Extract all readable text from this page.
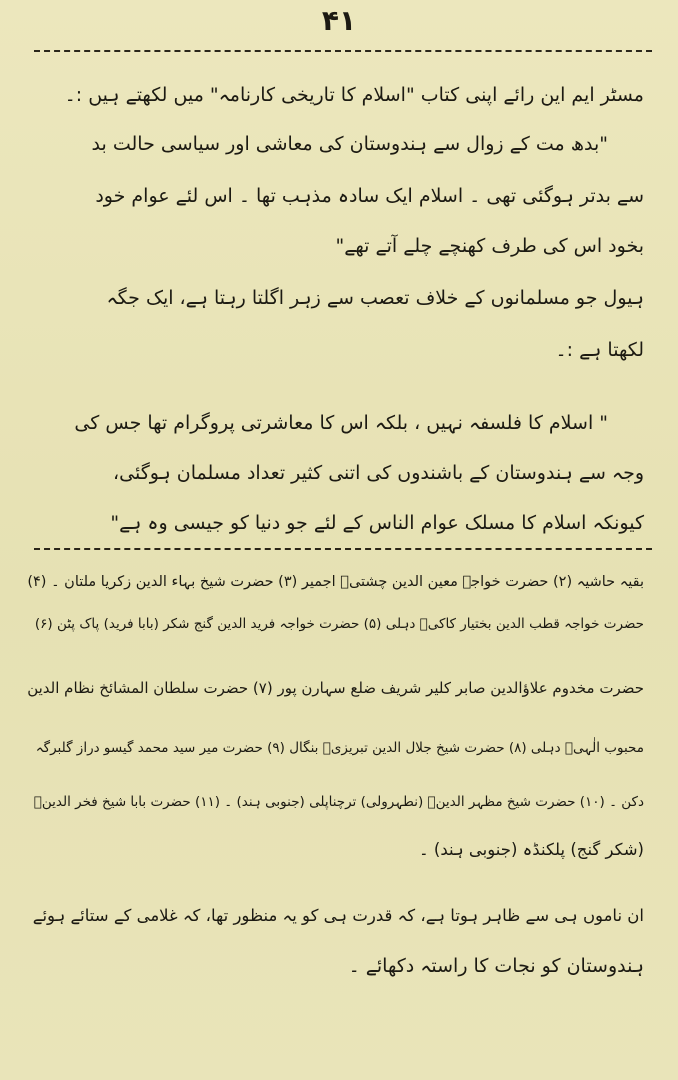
۴۱
مسٹر ایم این رائے اپنی کتاب "اسلام کا تاریخی کارنامہ" میں لکھتے ہیں :۔
"بدھ مت کے زوال سے ہندوستان کی معاشی اور سیاسی حالت بد
سے بدتر ہوگئی تھی ۔ اسلام ایک سادہ مذہب تھا ۔ اس لئے عوام خود
بخود اس کی طرف کھنچے چلے آتے تھے"
ہیول جو مسلمانوں کے خلاف تعصب سے زہر اگلتا رہتا ہے، ایک جگہ
لکھتا ہے :۔
" اسلام کا فلسفہ نہیں ، بلکہ اس کا معاشرتی پروگرام تھا جس کی
وجہ سے ہندوستان کے باشندوں کی اتنی کثیر تعداد مسلمان ہوگئی،
کیونکہ اسلام کا مسلک عوام الناس کے لئے جو دنیا کو جیسی وہ ہے"
بقیہ حاشیہ (۲) حضرت خواجہ معین الدین چشتیؒ اجمیر (۳) حضرت شیخ بہاء الدین زکریا ملتان ۔ (۴)
حضرت خواجہ قطب الدین بختیار کاکیؒ دہلی (۵) حضرت خواجہ فرید الدین گنج شکر (بابا فرید) پاک پٹن (۶)
حضرت مخدوم علاؤالدین صابر کلیر شریف ضلع سہارن پور (۷) حضرت سلطان المشائخ نظام الدین
محبوب الٰہیؒ دہلی (۸) حضرت شیخ جلال الدین تبریزیؒ بنگال (۹) حضرت میر سید محمد گیسو دراز گلبرگہ
دکن ۔ (۱۰) حضرت شیخ مظہر الدینؒ (نطہرولی) ترچناپلی (جنوبی ہند) ۔ (۱۱) حضرت بابا شیخ فخر الدینؒ
(شکر گنج) پلکنڈہ (جنوبی ہند) ۔
ان ناموں ہی سے ظاہر ہوتا ہے، کہ قدرت ہی کو یہ منظور تھا، کہ غلامی کے ستائے ہوئے
ہندوستان کو نجات کا راستہ دکھائے ۔
